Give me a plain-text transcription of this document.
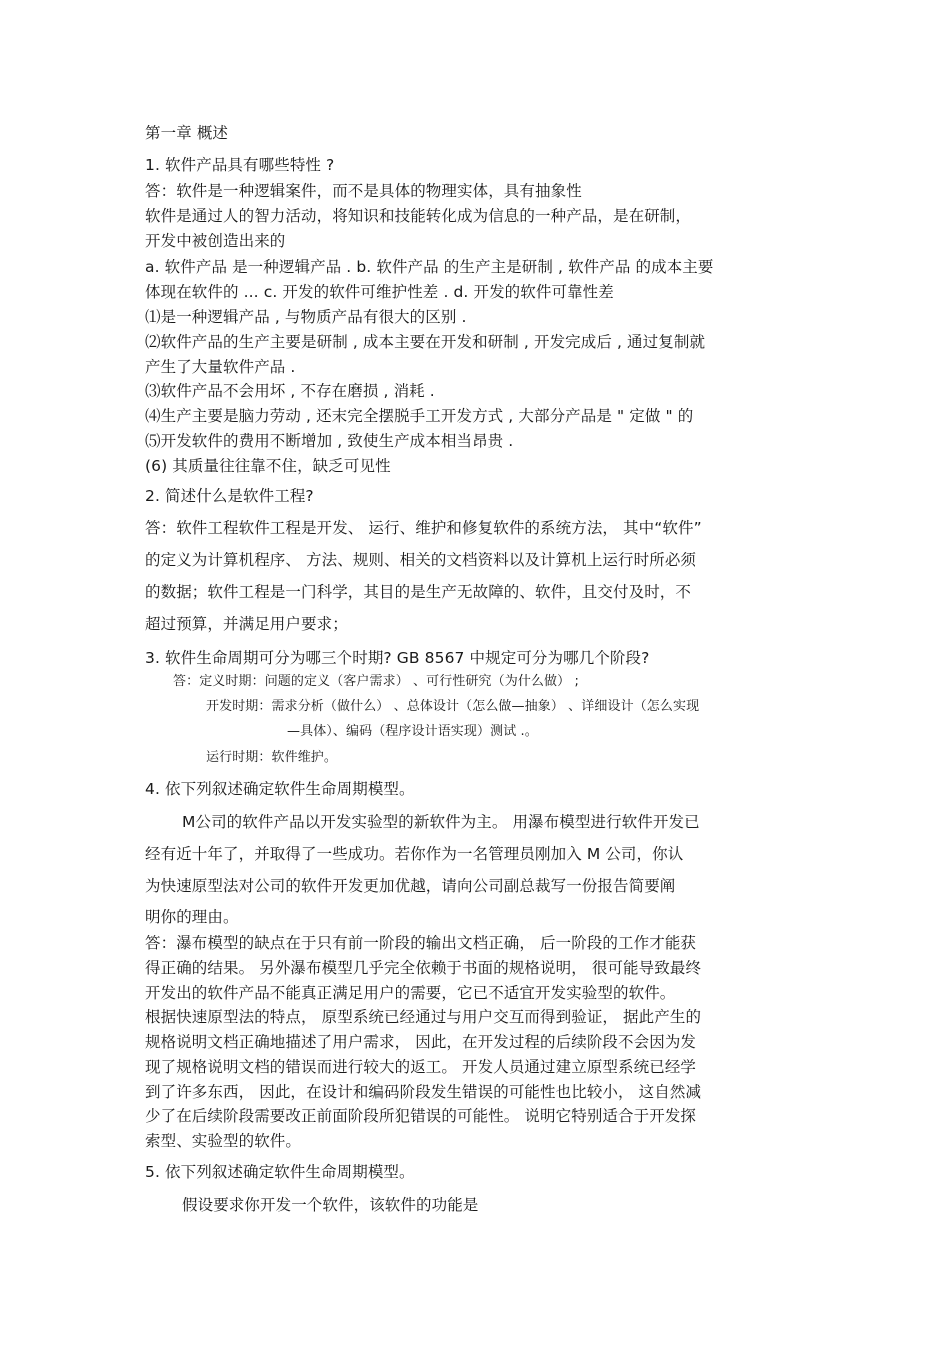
第一章 概述
1. 软件产品具有哪些特性 ?
答：软件是一种逻辑案件，而不是具体的物理实体，具有抽象性
软件是通过人的智力活动，将知识和技能转化成为信息的一种产品，是在研制，
开发中被创造出来的
a. 软件产品 是一种逻辑产品 . b. 软件产品 的生产主是研制 , 软件产品 的成本主要
体现在软件的 ... c. 开发的软件可维护性差 . d. 开发的软件可靠性差
⑴是一种逻辑产品 , 与物质产品有很大的区别 .
⑵软件产品的生产主要是研制 , 成本主要在开发和研制 , 开发完成后 , 通过复制就
产生了大量软件产品 .
⑶软件产品不会用坏 , 不存在磨损 , 消耗 .
⑷生产主要是脑力劳动 , 还末完全摆脱手工开发方式 , 大部分产品是 " 定做 " 的
⑸开发软件的费用不断增加 , 致使生产成本相当昂贵 .
(6) 其质量往往靠不住，缺乏可见性
2. 简述什么是软件工程?
答：软件工程软件工程是开发、 运行、维护和修复软件的系统方法， 其中“软件”
的定义为计算机程序、 方法、规则、相关的文档资料以及计算机上运行时所必须
的数据；软件工程是一门科学，其目的是生产无故障的、软件，且交付及时，不
超过预算，并满足用户要求；
3. 软件生命周期可分为哪三个时期? GB 8567 中规定可分为哪几个阶段?
答：定义时期：问题的定义（客户需求） 、可行性研究（为什么做） ;
开发时期：需求分析（做什么） 、总体设计（怎么做—抽象） 、详细设计（怎么实现
—具体）、编码（程序设计语实现）测试 .。
运行时期：软件维护。
4. 依下列叙述确定软件生命周期模型。
M公司的软件产品以开发实验型的新软件为主。 用瀑布模型进行软件开发已
经有近十年了，并取得了一些成功。若你作为一名管理员刚加入 M 公司，你认
为快速原型法对公司的软件开发更加优越，请向公司副总裁写一份报告简要阐
明你的理由。
答：瀑布模型的缺点在于只有前一阶段的输出文档正确， 后一阶段的工作才能获
得正确的结果。 另外瀑布模型几乎完全依赖于书面的规格说明， 很可能导致最终
开发出的软件产品不能真正满足用户的需要，它已不适宜开发实验型的软件。
根据快速原型法的特点， 原型系统已经通过与用户交互而得到验证， 据此产生的
规格说明文档正确地描述了用户需求， 因此，在开发过程的后续阶段不会因为发
现了规格说明文档的错误而进行较大的返工。 开发人员通过建立原型系统已经学
到了许多东西， 因此，在设计和编码阶段发生错误的可能性也比较小， 这自然减
少了在后续阶段需要改正前面阶段所犯错误的可能性。 说明它特别适合于开发探
索型、实验型的软件。
5. 依下列叙述确定软件生命周期模型。
假设要求你开发一个软件，该软件的功能是
